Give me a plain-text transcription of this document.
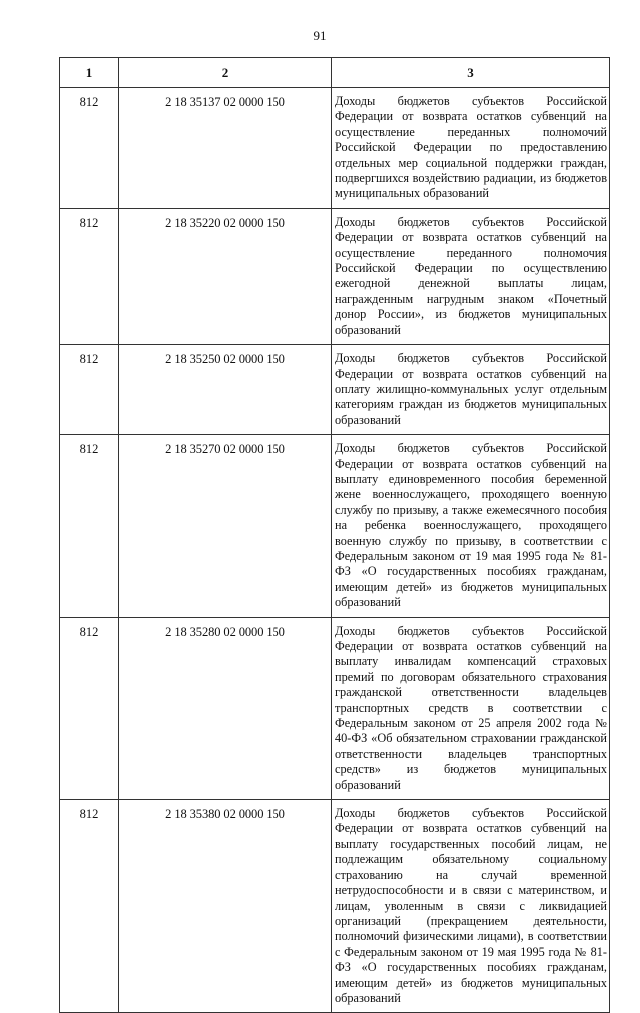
91
1	2	3
812	2 18 35137 02 0000 150	Доходы бюджетов субъектов Российской Федерации от возврата остатков субвенций на осуществление переданных полномочий Российской Федерации по предоставлению отдельных мер социальной поддержки граждан, подвергшихся воздействию радиации, из бюджетов муниципальных образований
812	2 18 35220 02 0000 150	Доходы бюджетов субъектов Российской Федерации от возврата остатков субвенций на осуществление переданного полномочия Российской Федерации по осуществлению ежегодной денежной выплаты лицам, награжденным нагрудным знаком «Почетный донор России», из бюджетов муниципальных образований
812	2 18 35250 02 0000 150	Доходы бюджетов субъектов Российской Федерации от возврата остатков субвенций на оплату жилищно-коммунальных услуг отдельным категориям граждан из бюджетов муниципальных образований
812	2 18 35270 02 0000 150	Доходы бюджетов субъектов Российской Федерации от возврата остатков субвенций на выплату единовременного пособия беременной жене военнослужащего, проходящего военную службу по призыву, а также ежемесячного пособия на ребенка военнослужащего, проходящего военную службу по призыву, в соответствии с Федеральным законом от 19 мая 1995 года № 81-ФЗ «О государственных пособиях гражданам, имеющим детей» из бюджетов муниципальных образований
812	2 18 35280 02 0000 150	Доходы бюджетов субъектов Российской Федерации от возврата остатков субвенций на выплату инвалидам компенсаций страховых премий по договорам обязательного страхования гражданской ответственности владельцев транспортных средств в соответствии с Федеральным законом от 25 апреля 2002 года № 40-ФЗ «Об обязательном страховании гражданской ответственности владельцев транспортных средств» из бюджетов муниципальных образований
812	2 18 35380 02 0000 150	Доходы бюджетов субъектов Российской Федерации от возврата остатков субвенций на выплату государственных пособий лицам, не подлежащим обязательному социальному страхованию на случай временной нетрудоспособности и в связи с материнством, и лицам, уволенным в связи с ликвидацией организаций (прекращением деятельности, полномочий физическими лицами), в соответствии с Федеральным законом от 19 мая 1995 года № 81-ФЗ «О государственных пособиях гражданам, имеющим детей» из бюджетов муниципальных образований
